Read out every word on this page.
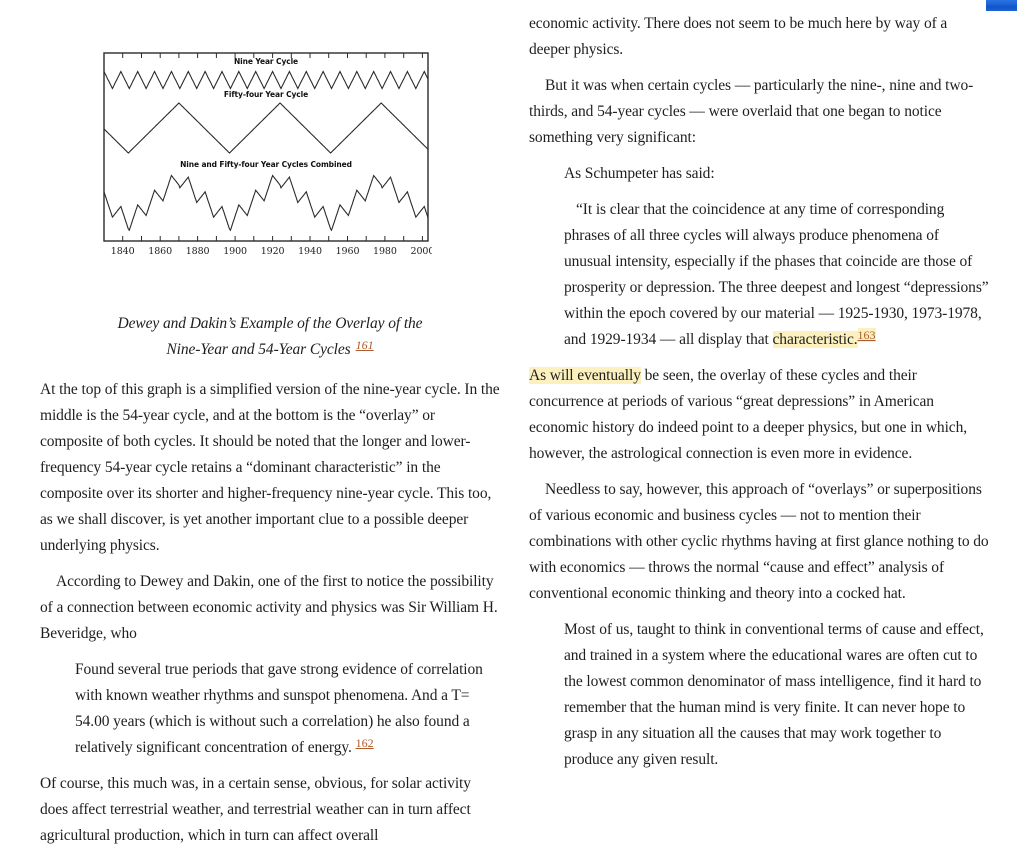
1840 1860 1880 1900 1920 1940 1960 1980 2000
Nine Year Cycle
Fifty-four Year Cycle
Nine and Fifty-four Year Cycles Combined
Dewey and Dakin’s Example of the Overlay of the
Nine-Year and 54-Year Cycles $^{161}$
At the top of this graph is a simplified version of the nine-year cycle. In the middle is the 54-year cycle, and at the bottom is the “overlay” or composite of both cycles. It should be noted that the longer and lower-frequency 54-year cycle retains a “dominant characteristic” in the composite over its shorter and higher-frequency nine-year cycle. This too, as we shall discover, is yet another important clue to a possible deeper underlying physics.
According to Dewey and Dakin, one of the first to notice the possibility of a connection between economic activity and physics was Sir William H. Beveridge, who
Found several true periods that gave strong evidence of correlation with known weather rhythms and sunspot phenomena. And a T= 54.00 years (which is without such a correlation) he also found a relatively significant concentration of energy. $^{162}$
Of course, this much was, in a certain sense, obvious, for solar activity does affect terrestrial weather, and terrestrial weather can in turn affect agricultural production, which in turn can affect overall
economic activity. There does not seem to be much here by way of a deeper physics.
But it was when certain cycles — particularly the nine-, nine and two-thirds, and 54-year cycles — were overlaid that one began to notice something very significant:
As Schumpeter has said:
“It is clear that the coincidence at any time of corresponding phrases of all three cycles will always produce phenomena of unusual intensity, especially if the phases that coincide are those of prosperity or depression. The three deepest and longest “depressions” within the epoch covered by our material — 1925-1930, 1973-1978, and 1929-1934 — all display that characteristic.$^{163}$
As will eventually be seen, the overlay of these cycles and their concurrence at periods of various “great depressions” in American economic history do indeed point to a deeper physics, but one in which, however, the astrological connection is even more in evidence.
Needless to say, however, this approach of “overlays” or superpositions of various economic and business cycles — not to mention their combinations with other cyclic rhythms having at first glance nothing to do with economics — throws the normal “cause and effect” analysis of conventional economic thinking and theory into a cocked hat.
Most of us, taught to think in conventional terms of cause and effect, and trained in a system where the educational wares are often cut to the lowest common denominator of mass intelligence, find it hard to remember that the human mind is very finite. It can never hope to grasp in any situation all the causes that may work together to produce any given result.
